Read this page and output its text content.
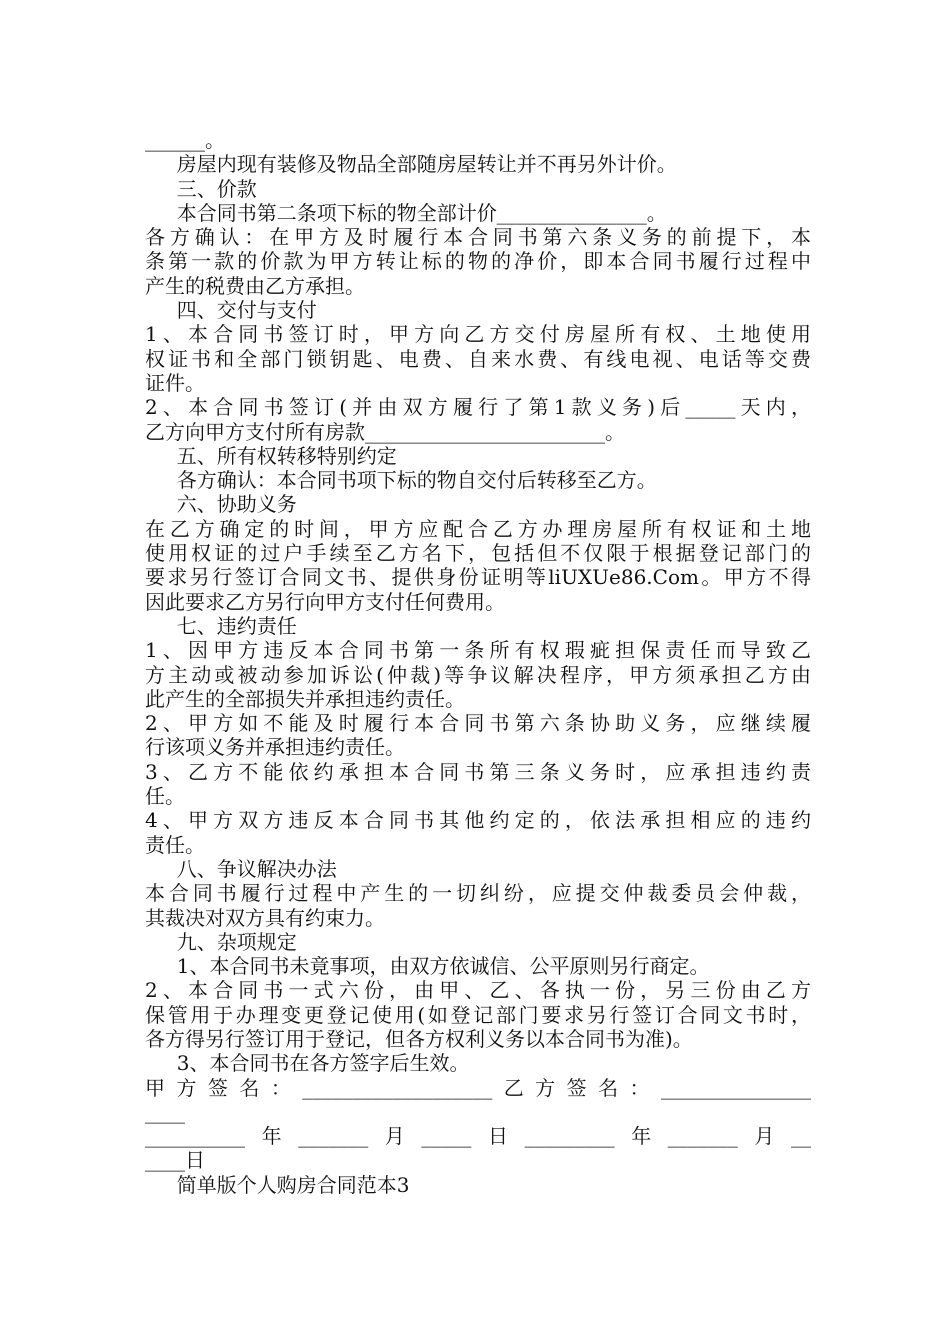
______。
房屋内现有装修及物品全部随房屋转让并不再另外计价。
三、价款
本合同书第二条项下标的物全部计价_______________。
各方确认：在甲方及时履行本合同书第六条义务的前提下，本
条第一款的价款为甲方转让标的物的净价，即本合同书履行过程中
产生的税费由乙方承担。
四、交付与支付
1、本合同书签订时，甲方向乙方交付房屋所有权、土地使用
权证书和全部门锁钥匙、电费、自来水费、有线电视、电话等交费
证件。
2、本合同书签订(并由双方履行了第1款义务)后_____天内，
乙方向甲方支付所有房款________________________。
五、所有权转移特别约定
各方确认：本合同书项下标的物自交付后转移至乙方。
六、协助义务
在乙方确定的时间，甲方应配合乙方办理房屋所有权证和土地
使用权证的过户手续至乙方名下，包括但不仅限于根据登记部门的
要求另行签订合同文书、提供身份证明等liUXUe86.Com。甲方不得
因此要求乙方另行向甲方支付任何费用。
七、违约责任
1、因甲方违反本合同书第一条所有权瑕疵担保责任而导致乙
方主动或被动参加诉讼(仲裁)等争议解决程序，甲方须承担乙方由
此产生的全部损失并承担违约责任。
2、甲方如不能及时履行本合同书第六条协助义务，应继续履
行该项义务并承担违约责任。
3、乙方不能依约承担本合同书第三条义务时，应承担违约责
任。
4、甲方双方违反本合同书其他约定的，依法承担相应的违约
责任。
八、争议解决办法
本合同书履行过程中产生的一切纠纷，应提交仲裁委员会仲裁，
其裁决对双方具有约束力。
九、杂项规定
1、本合同书未竟事项，由双方依诚信、公平原则另行商定。
2、本合同书一式六份，由甲、乙、各执一份，另三份由乙方
保管用于办理变更登记使用(如登记部门要求另行签订合同文书时，
各方得另行签订用于登记，但各方权利义务以本合同书为准)。
3、本合同书在各方签字后生效。
甲方签名：___________________乙方签名：_______________
____
__________年_______月_____日_________年_______月__
____日
简单版个人购房合同范本3
